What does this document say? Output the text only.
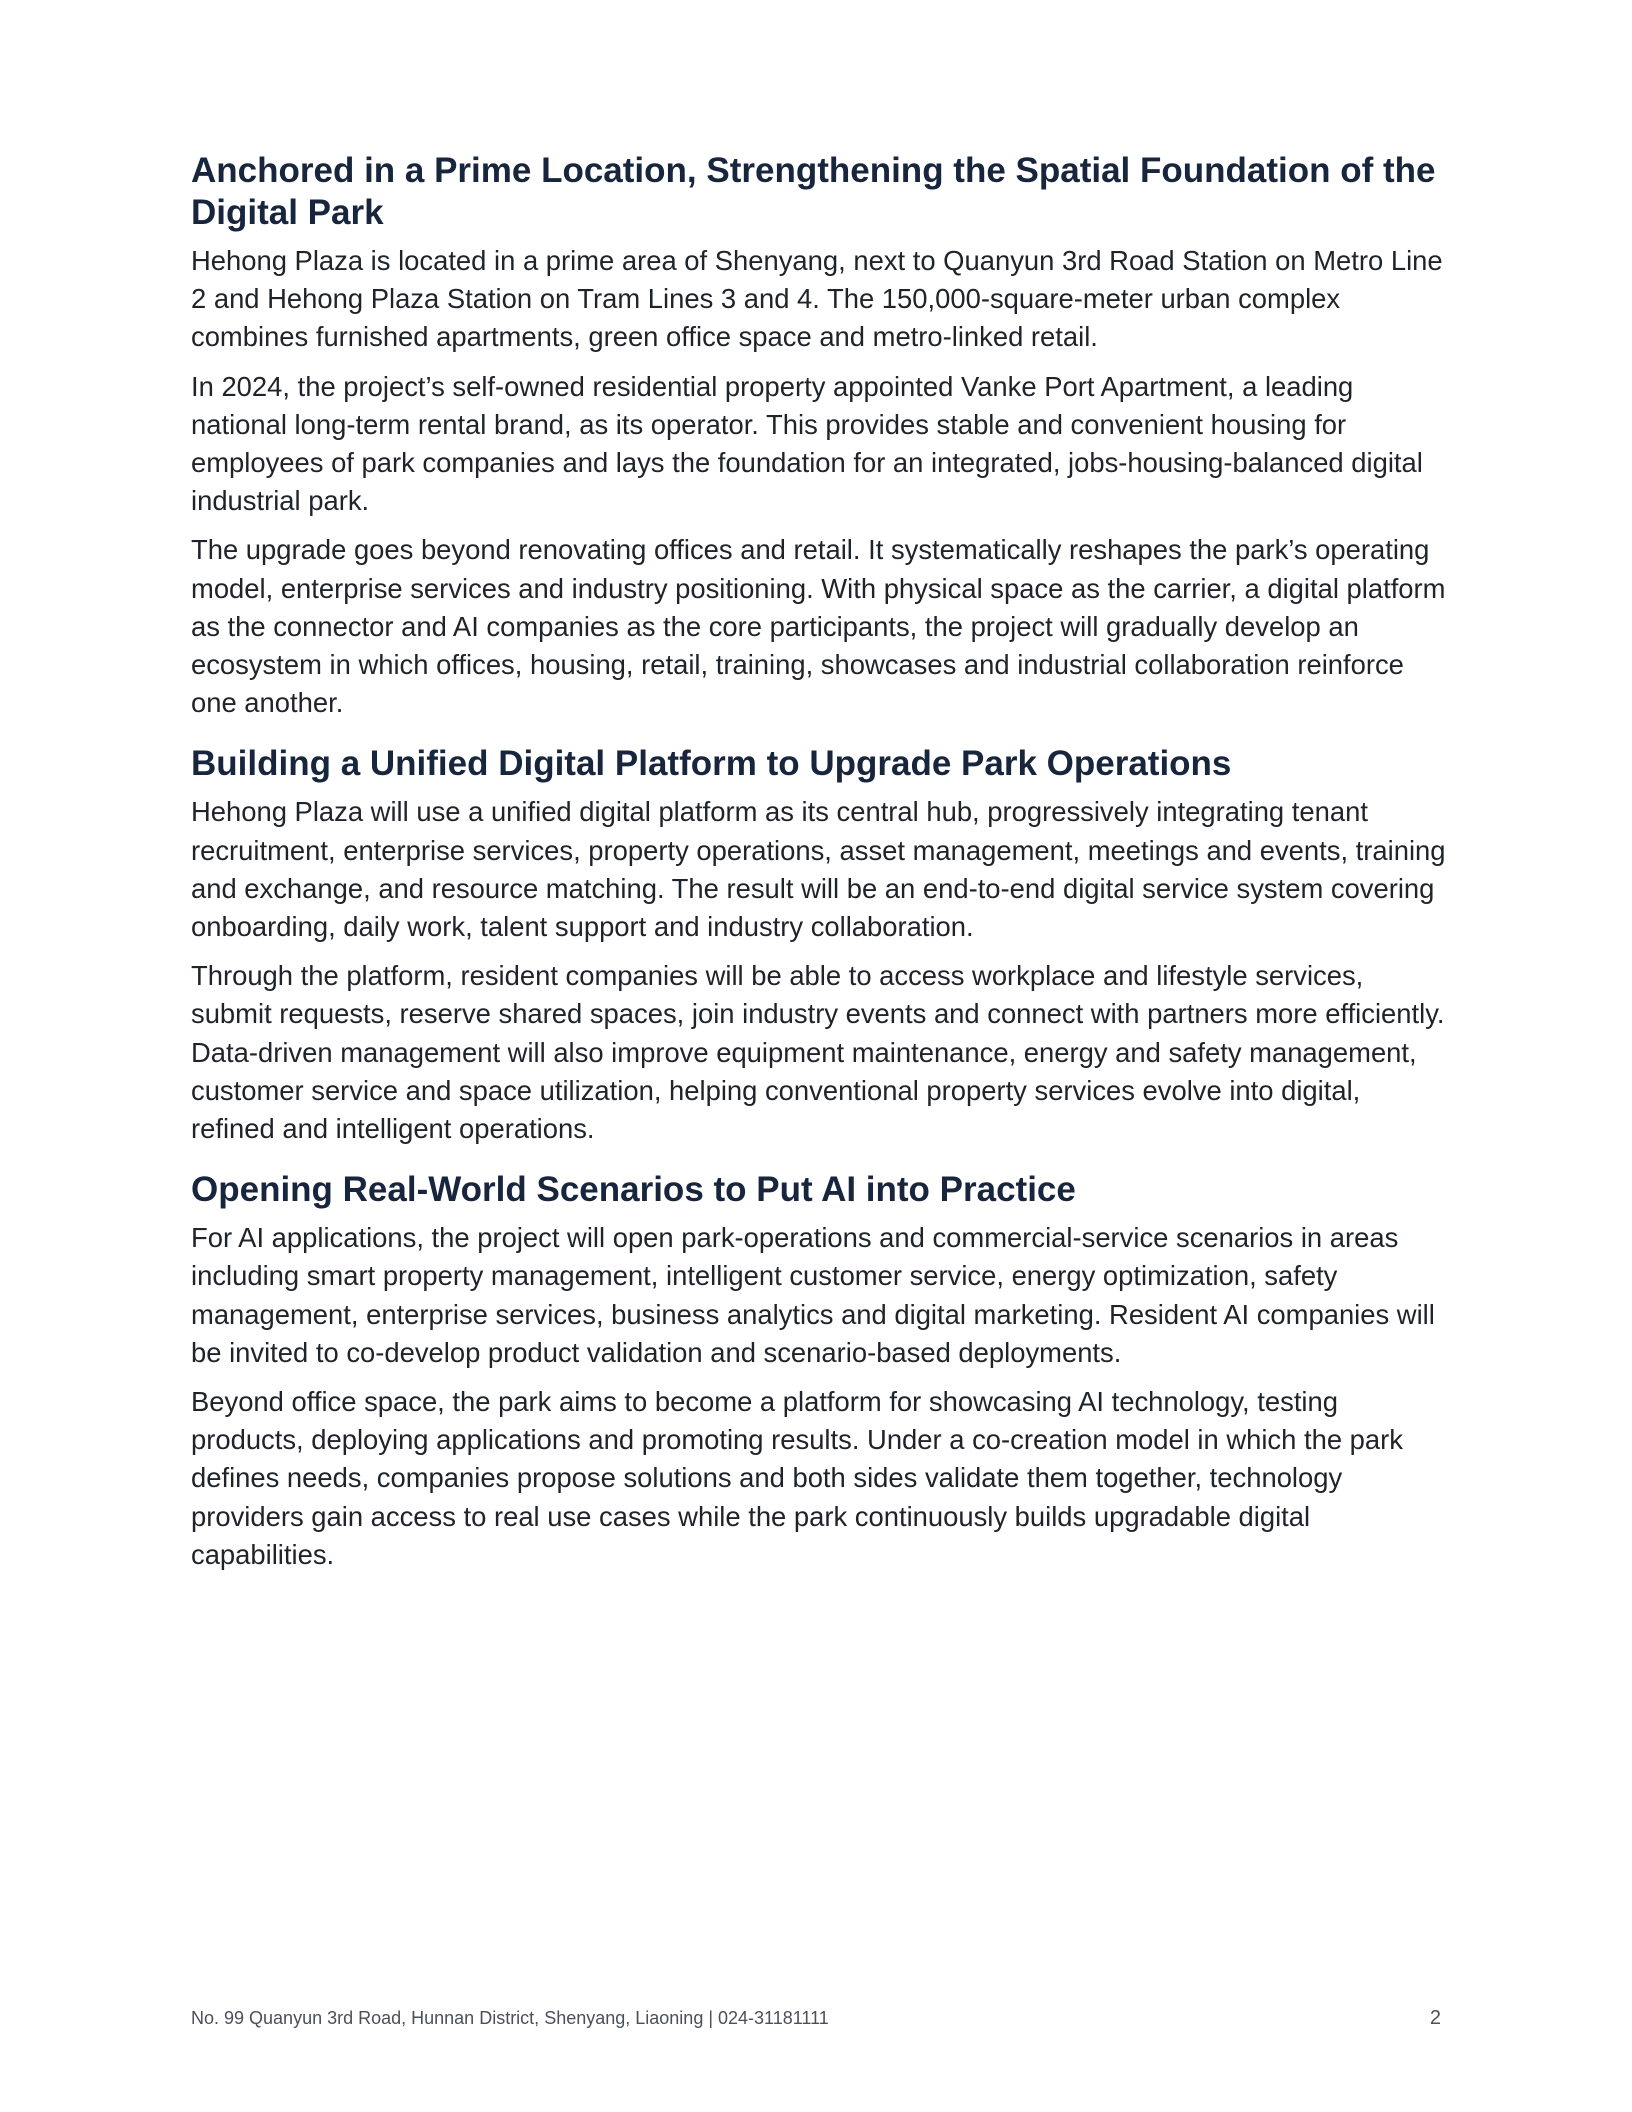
Anchored in a Prime Location, Strengthening the Spatial Foundation of the Digital Park

Hehong Plaza is located in a prime area of Shenyang, next to Quanyun 3rd Road Station on Metro Line 2 and Hehong Plaza Station on Tram Lines 3 and 4. The 150,000-square-meter urban complex combines furnished apartments, green office space and metro-linked retail.

In 2024, the project’s self-owned residential property appointed Vanke Port Apartment, a leading national long-term rental brand, as its operator. This provides stable and convenient housing for employees of park companies and lays the foundation for an integrated, jobs-housing-balanced digital industrial park.

The upgrade goes beyond renovating offices and retail. It systematically reshapes the park’s operating model, enterprise services and industry positioning. With physical space as the carrier, a digital platform as the connector and AI companies as the core participants, the project will gradually develop an ecosystem in which offices, housing, retail, training, showcases and industrial collaboration reinforce one another.

Building a Unified Digital Platform to Upgrade Park Operations

Hehong Plaza will use a unified digital platform as its central hub, progressively integrating tenant recruitment, enterprise services, property operations, asset management, meetings and events, training and exchange, and resource matching. The result will be an end-to-end digital service system covering onboarding, daily work, talent support and industry collaboration.

Through the platform, resident companies will be able to access workplace and lifestyle services, submit requests, reserve shared spaces, join industry events and connect with partners more efficiently. Data-driven management will also improve equipment maintenance, energy and safety management, customer service and space utilization, helping conventional property services evolve into digital, refined and intelligent operations.

Opening Real-World Scenarios to Put AI into Practice

For AI applications, the project will open park-operations and commercial-service scenarios in areas including smart property management, intelligent customer service, energy optimization, safety management, enterprise services, business analytics and digital marketing. Resident AI companies will be invited to co-develop product validation and scenario-based deployments.

Beyond office space, the park aims to become a platform for showcasing AI technology, testing products, deploying applications and promoting results. Under a co-creation model in which the park defines needs, companies propose solutions and both sides validate them together, technology providers gain access to real use cases while the park continuously builds upgradable digital capabilities.

No. 99 Quanyun 3rd Road, Hunnan District, Shenyang, Liaoning | 024-31181111	2
